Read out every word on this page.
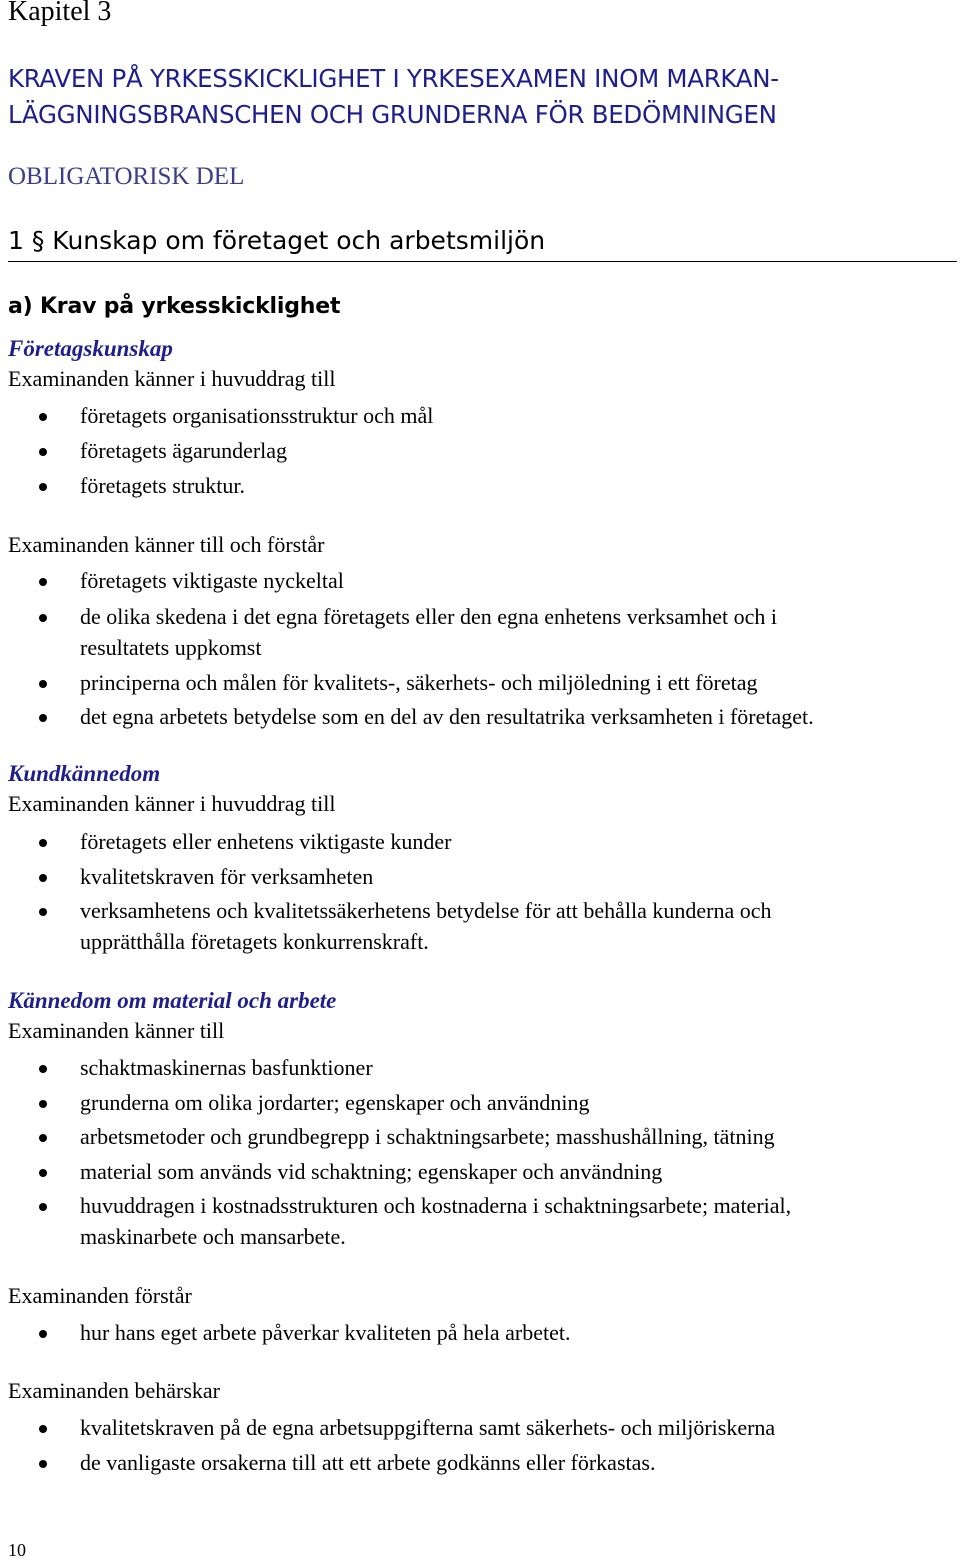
Kapitel 3
KRAVEN PÅ YRKESSKICKLIGHET I YRKESEXAMEN INOM MARKAN-
LÄGGNINGSBRANSCHEN OCH GRUNDERNA FÖR BEDÖMNINGEN
OBLIGATORISK DEL
1 § Kunskap om företaget och arbetsmiljön
a) Krav på yrkesskicklighet
Företagskunskap
Examinanden känner i huvuddrag till
företagets organisationsstruktur och mål
företagets ägarunderlag
företagets struktur.
Examinanden känner till och förstår
företagets viktigaste nyckeltal
de olika skedena i det egna företagets eller den egna enhetens verksamhet och i
resultatets uppkomst
principerna och målen för kvalitets-, säkerhets- och miljöledning i ett företag
det egna arbetets betydelse som en del av den resultatrika verksamheten i företaget.
Kundkännedom
Examinanden känner i huvuddrag till
företagets eller enhetens viktigaste kunder
kvalitetskraven för verksamheten
verksamhetens och kvalitetssäkerhetens betydelse för att behålla kunderna och
upprätthålla företagets konkurrenskraft.
Kännedom om material och arbete
Examinanden känner till
schaktmaskinernas basfunktioner
grunderna om olika jordarter; egenskaper och användning
arbetsmetoder och grundbegrepp i schaktningsarbete; masshushållning, tätning
material som används vid schaktning; egenskaper och användning
huvuddragen i kostnadsstrukturen och kostnaderna i schaktningsarbete; material,
maskinarbete och mansarbete.
Examinanden förstår
hur hans eget arbete påverkar kvaliteten på hela arbetet.
Examinanden behärskar
kvalitetskraven på de egna arbetsuppgifterna samt säkerhets- och miljöriskerna
de vanligaste orsakerna till att ett arbete godkänns eller förkastas.
10
